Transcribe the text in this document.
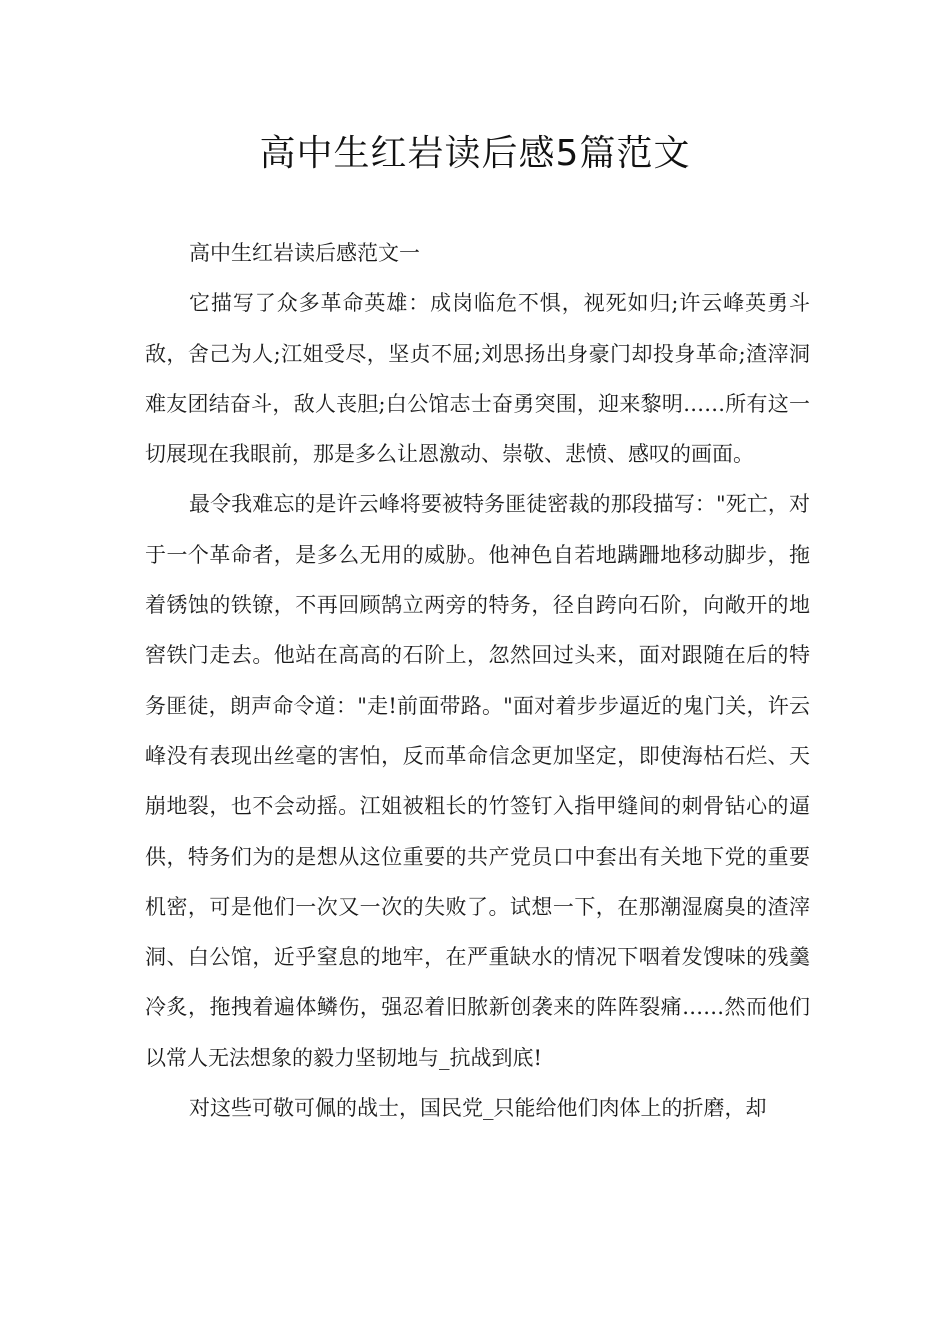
高中生红岩读后感5篇范文

高中生红岩读后感范文一

它描写了众多革命英雄：成岗临危不惧，视死如归;许云峰英勇斗敌，舍己为人;江姐受尽，坚贞不屈;刘思扬出身豪门却投身革命;渣滓洞难友团结奋斗，敌人丧胆;白公馆志士奋勇突围，迎来黎明……所有这一切展现在我眼前，那是多么让恩激动、崇敬、悲愤、感叹的画面。

最令我难忘的是许云峰将要被特务匪徒密裁的那段描写："死亡，对于一个革命者，是多么无用的威胁。他神色自若地蹒跚地移动脚步，拖着锈蚀的铁镣，不再回顾鹄立两旁的特务，径自跨向石阶，向敞开的地窖铁门走去。他站在高高的石阶上，忽然回过头来，面对跟随在后的特务匪徒，朗声命令道："走!前面带路。"面对着步步逼近的鬼门关，许云峰没有表现出丝毫的害怕，反而革命信念更加坚定，即使海枯石烂、天崩地裂，也不会动摇。江姐被粗长的竹签钉入指甲缝间的刺骨钻心的逼供，特务们为的是想从这位重要的共产党员口中套出有关地下党的重要机密，可是他们一次又一次的失败了。试想一下，在那潮湿腐臭的渣滓洞、白公馆，近乎窒息的地牢，在严重缺水的情况下咽着发馊味的残羹冷炙，拖拽着遍体鳞伤，强忍着旧脓新创袭来的阵阵裂痛……然而他们以常人无法想象的毅力坚韧地与_抗战到底!

对这些可敬可佩的战士，国民党_只能给他们肉体上的折磨，却
